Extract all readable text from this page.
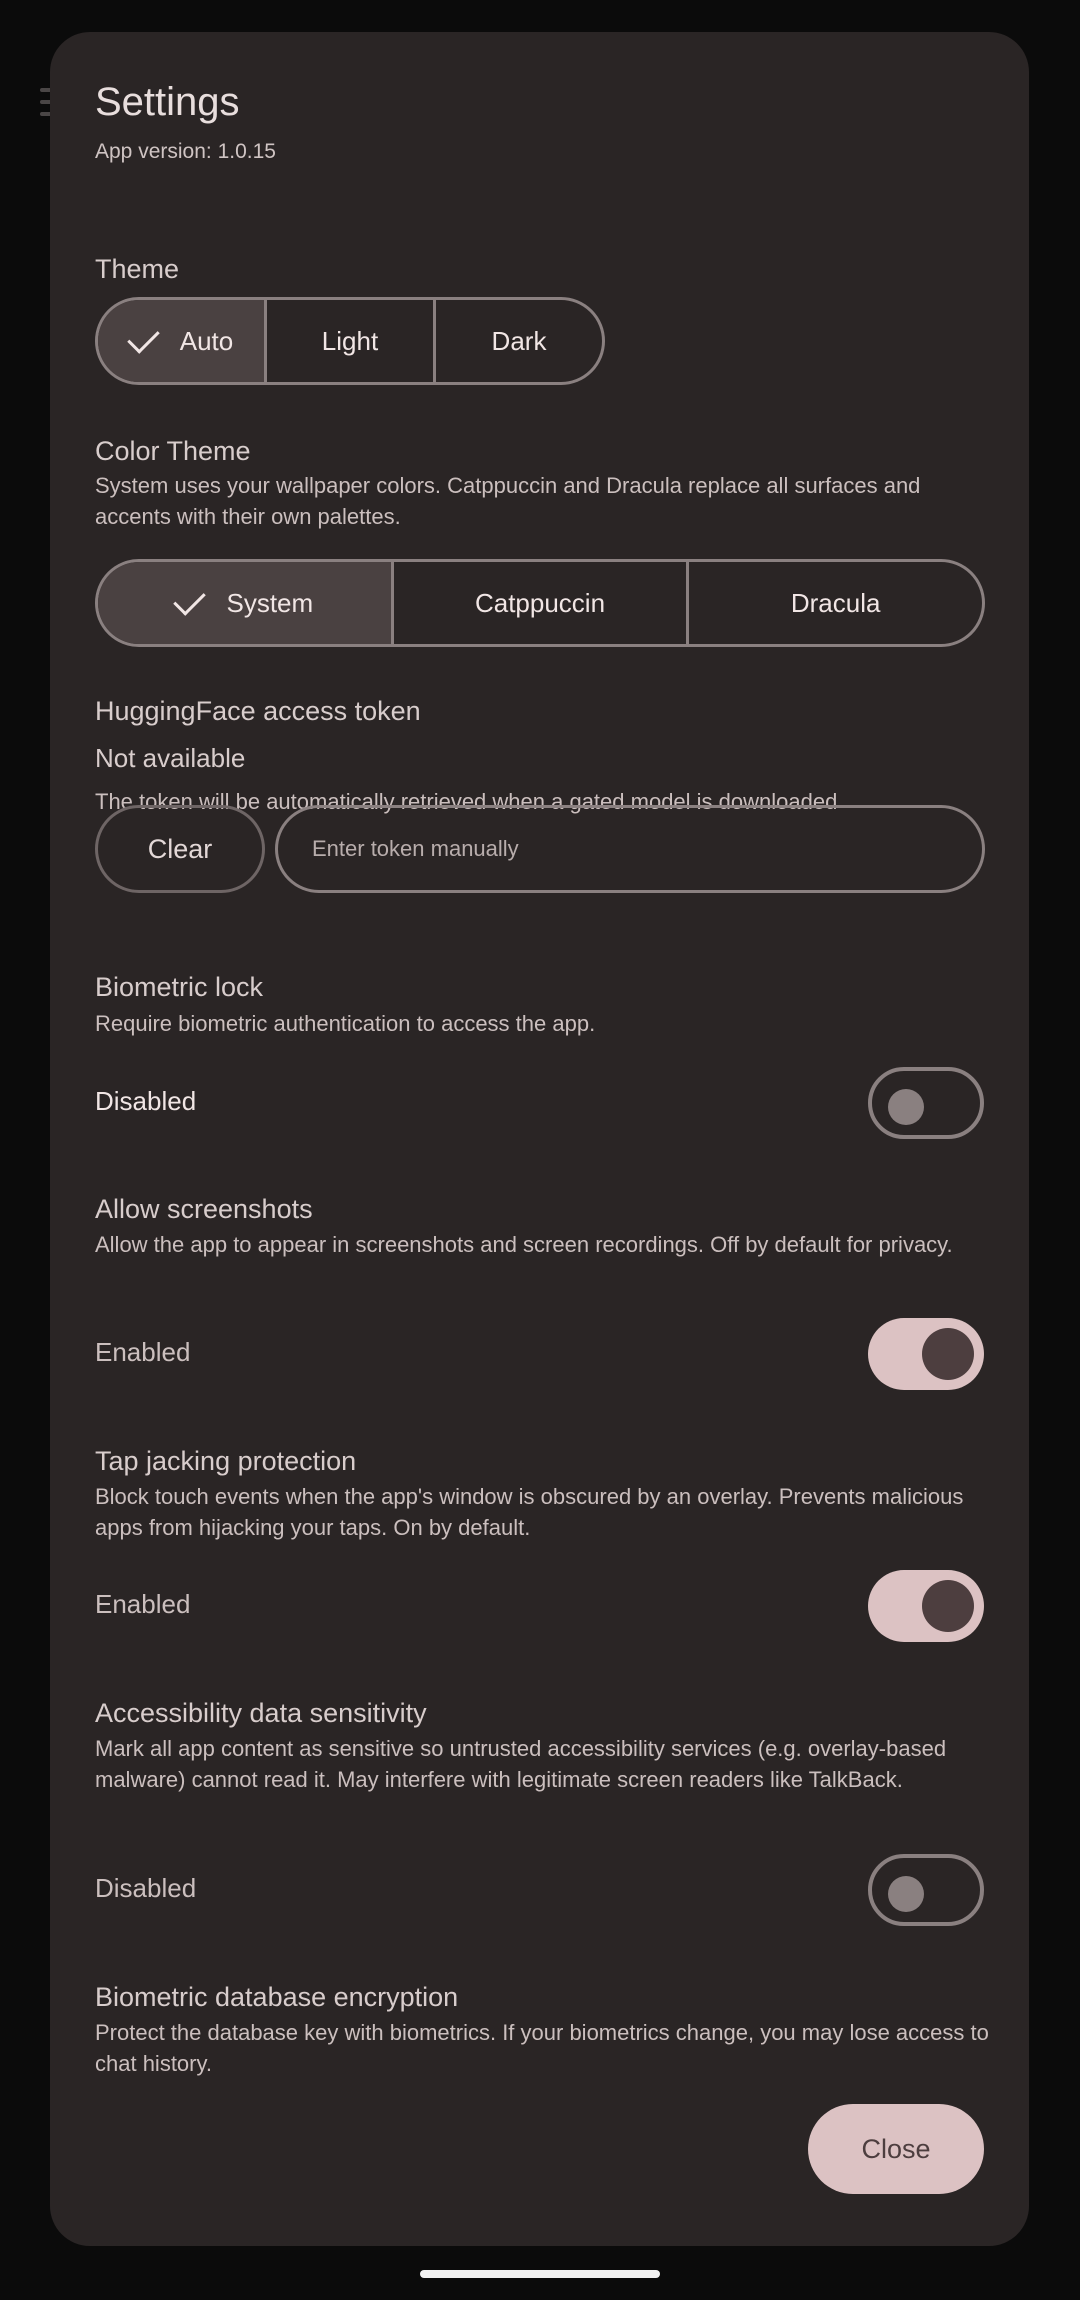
Settings
App version: 1.0.15
Theme
Auto	Light	Dark
Color Theme
System uses your wallpaper colors. Catppuccin and Dracula replace all surfaces and accents with their own palettes.
System	Catppuccin	Dracula
HuggingFace access token
Not available
The token will be automatically retrieved when a gated model is downloaded
Clear
Enter token manually
Biometric lock
Require biometric authentication to access the app.
Disabled
Allow screenshots
Allow the app to appear in screenshots and screen recordings. Off by default for privacy.
Enabled
Tap jacking protection
Block touch events when the app's window is obscured by an overlay. Prevents malicious apps from hijacking your taps. On by default.
Enabled
Accessibility data sensitivity
Mark all app content as sensitive so untrusted accessibility services (e.g. overlay-based malware) cannot read it. May interfere with legitimate screen readers like TalkBack.
Disabled
Biometric database encryption
Protect the database key with biometrics. If your biometrics change, you may lose access to chat history.
Close
